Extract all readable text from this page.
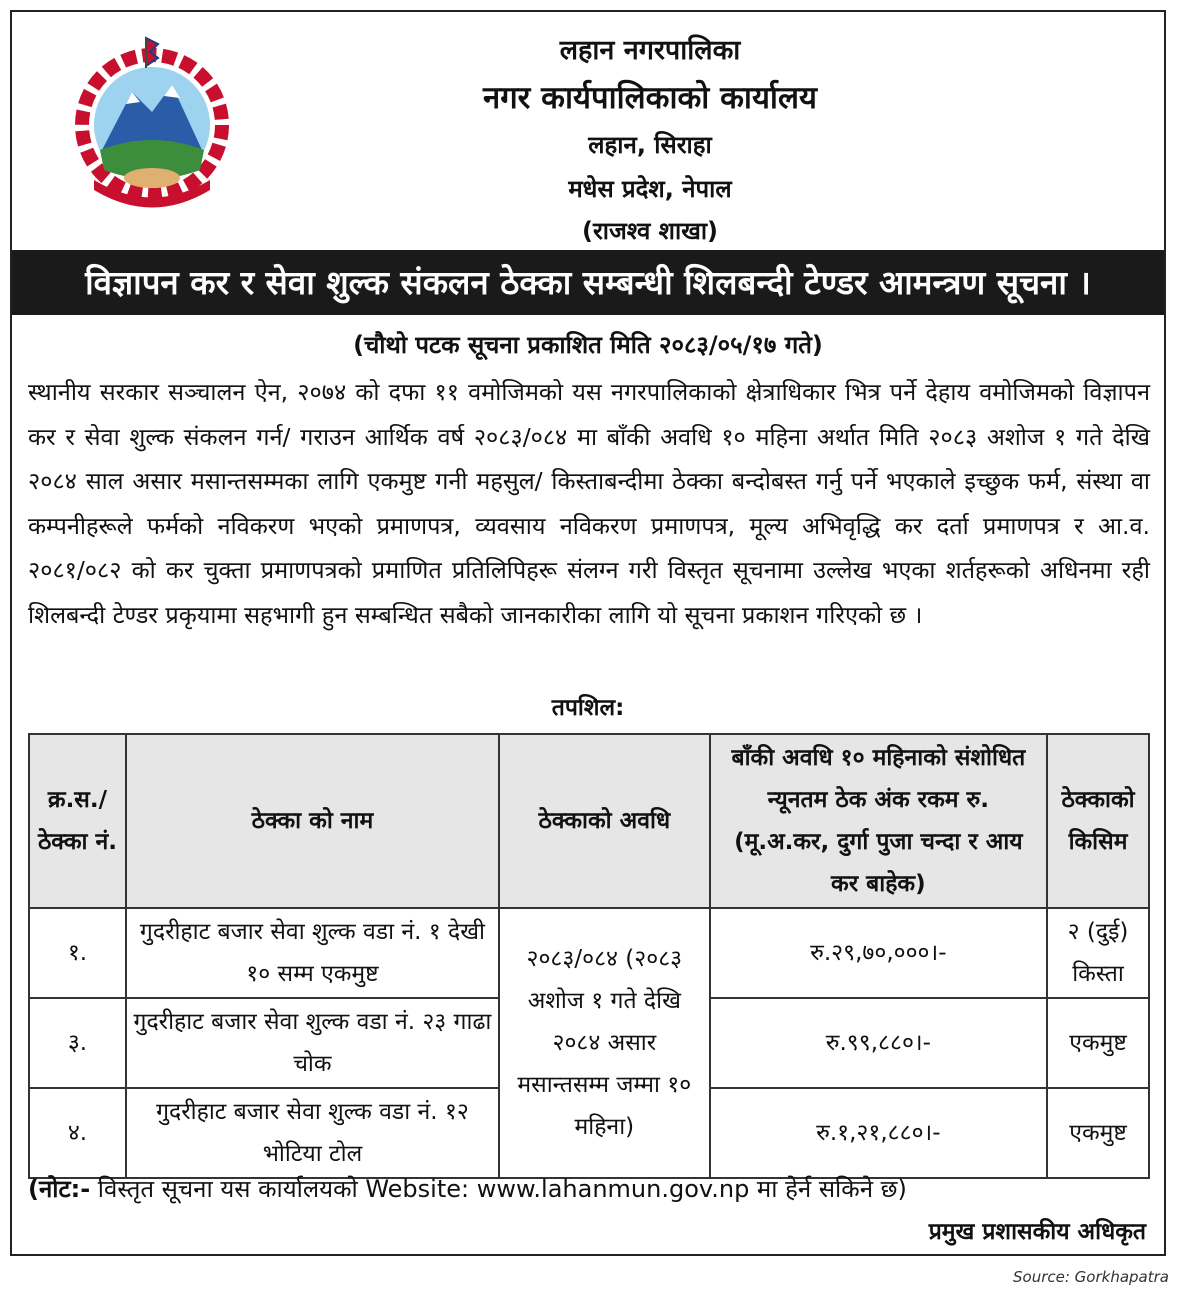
लहान नगरपालिका
नगर कार्यपालिकाको कार्यालय
लहान, सिराहा
मधेस प्रदेश, नेपाल
(राजश्व शाखा)
विज्ञापन कर र सेवा शुल्क संकलन ठेक्का सम्बन्धी शिलबन्दी टेण्डर आमन्त्रण सूचना ।
(चौथो पटक सूचना प्रकाशित मिति २०८३/०५/१७ गते)
स्थानीय सरकार सञ्चालन ऐन, २०७४ को दफा ११ वमोजिमको यस नगरपालिकाको क्षेत्राधिकार भित्र पर्ने देहाय वमोजिमको विज्ञापन कर र सेवा शुल्क संकलन गर्न/ गराउन आर्थिक वर्ष २०८३/०८४ मा बाँकी अवधि १० महिना अर्थात मिति २०८३ अशोज १ गते देखि २०८४ साल असार मसान्तसम्मका लागि एकमुष्ट गनी महसुल/ किस्ताबन्दीमा ठेक्का बन्दोबस्त गर्नु पर्ने भएकाले इच्छुक फर्म, संस्था वा कम्पनीहरूले फर्मको नविकरण भएको प्रमाणपत्र, व्यवसाय नविकरण प्रमाणपत्र, मूल्य अभिवृद्धि कर दर्ता प्रमाणपत्र र आ.व. २०८१/०८२ को कर चुक्ता प्रमाणपत्रको प्रमाणित प्रतिलिपिहरू संलग्न गरी विस्तृत सूचनामा उल्लेख भएका शर्तहरूको अधिनमा रही शिलबन्दी टेण्डर प्रकृयामा सहभागी हुन सम्बन्धित सबैको जानकारीका लागि यो सूचना प्रकाशन गरिएको छ ।
तपशिल:
क्र.स./ ठेक्का नं.	ठेक्का को नाम	ठेक्काको अवधि	बाँकी अवधि १० महिनाको संशोधित न्यूनतम ठेक अंक रकम रु. (मू.अ.कर, दुर्गा पुजा चन्दा र आय कर बाहेक)	ठेक्काको किसिम
१.	गुदरीहाट बजार सेवा शुल्क वडा नं. १ देखी १० सम्म एकमुष्ट	२०८३/०८४ (२०८३ अशोज १ गते देखि २०८४ असार मसान्तसम्म जम्मा १० महिना)	रु.२९,७०,०००।-	२ (दुई) किस्ता
३.	गुदरीहाट बजार सेवा शुल्क वडा नं. २३ गाढा चोक		रु.९९,८८०।-	एकमुष्ट
४.	गुदरीहाट बजार सेवा शुल्क वडा नं. १२ भोटिया टोल		रु.१,२१,८८०।-	एकमुष्ट
(नोट:- विस्तृत सूचना यस कार्यालयको Website: www.lahanmun.gov.np मा हेर्न सकिने छ)
प्रमुख प्रशासकीय अधिकृत
Source: Gorkhapatra
